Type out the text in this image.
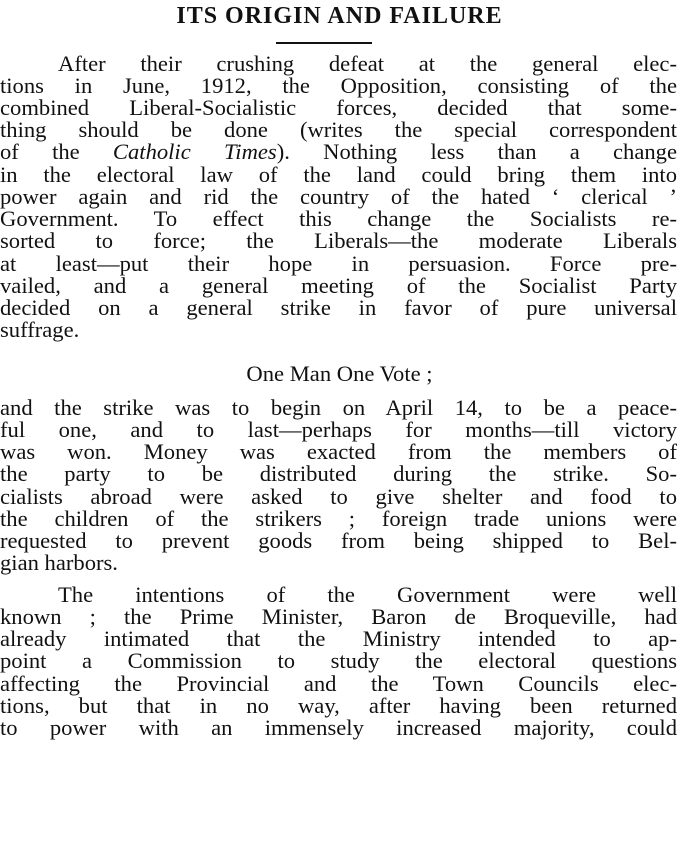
ITS ORIGIN AND FAILURE
After their crushing defeat at the general elec-
tions in June, 1912, the Opposition, consisting of the
combined Liberal-Socialistic forces, decided that some-
thing should be done (writes the special correspondent
of the Catholic Times). Nothing less than a change
in the electoral law of the land could bring them into
power again and rid the country of the hated ‘ clerical ’
Government. To effect this change the Socialists re-
sorted to force; the Liberals—the moderate Liberals
at least—put their hope in persuasion. Force pre-
vailed, and a general meeting of the Socialist Party
decided on a general strike in favor of pure universal
suffrage.
One Man One Vote ;
and the strike was to begin on April 14, to be a peace-
ful one, and to last—perhaps for months—till victory
was won. Money was exacted from the members of
the party to be distributed during the strike. So-
cialists abroad were asked to give shelter and food to
the children of the strikers ; foreign trade unions were
requested to prevent goods from being shipped to Bel-
gian harbors.
The intentions of the Government were well
known ; the Prime Minister, Baron de Broqueville, had
already intimated that the Ministry intended to ap-
point a Commission to study the electoral questions
affecting the Provincial and the Town Councils elec-
tions, but that in no way, after having been returned
to power with an immensely increased majority, could
